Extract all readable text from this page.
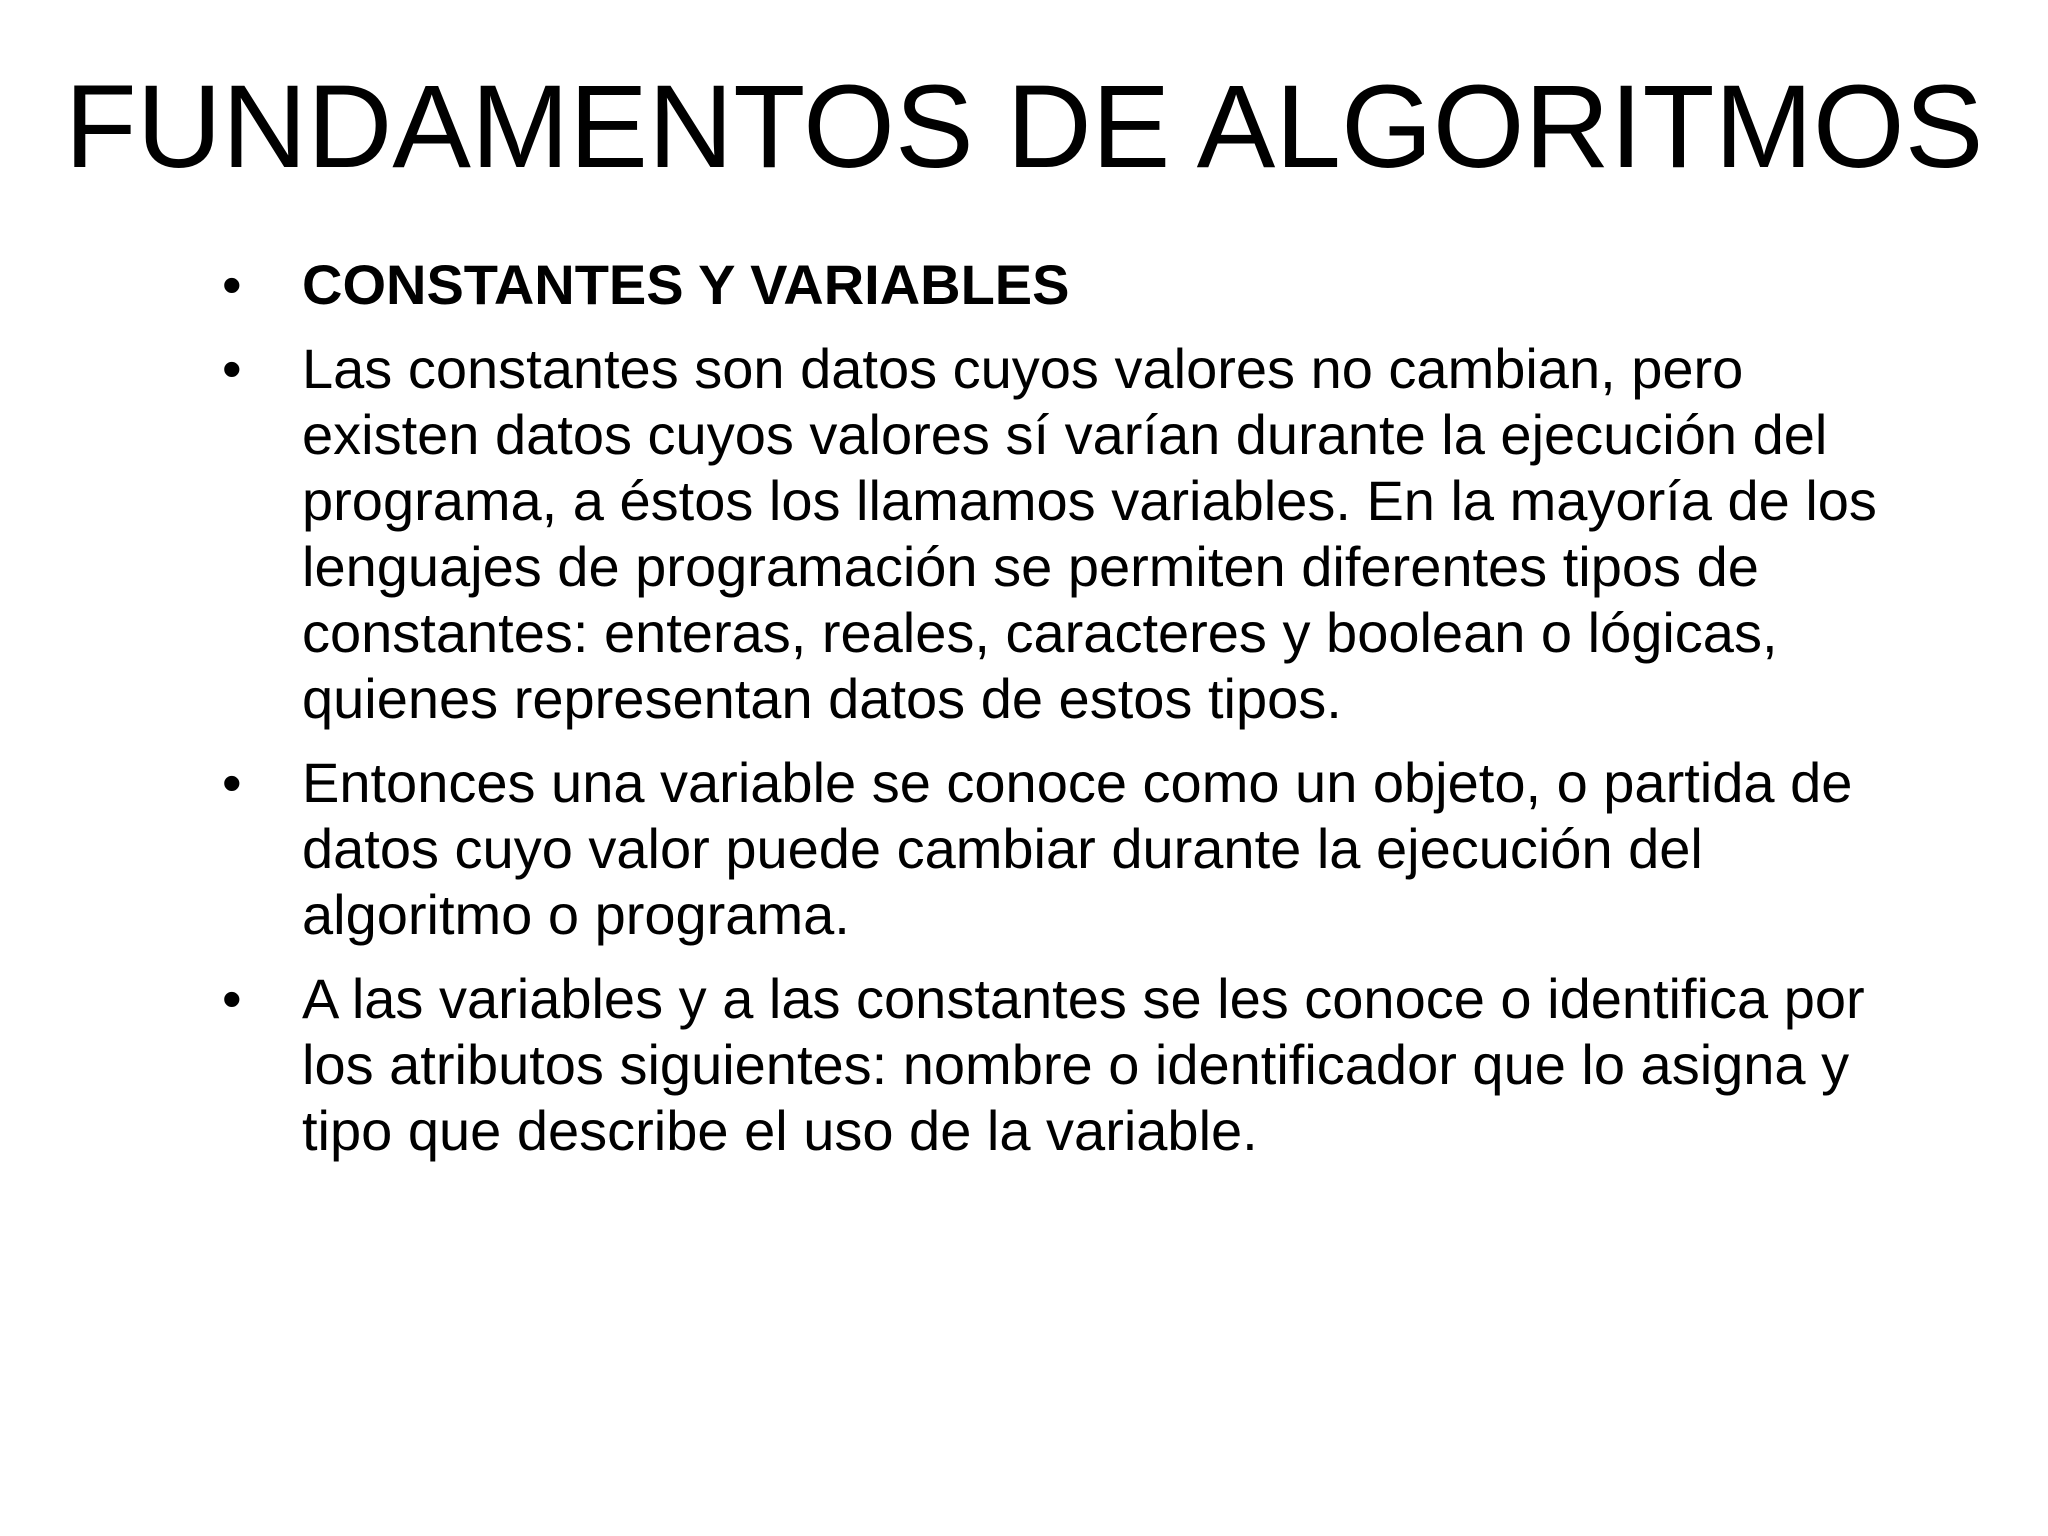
FUNDAMENTOS DE ALGORITMOS
• CONSTANTES Y VARIABLES
• Las constantes son datos cuyos valores no cambian, pero existen datos cuyos valores sí varían durante la ejecución del programa, a éstos los llamamos variables. En la mayoría de los lenguajes de programación se permiten diferentes tipos de constantes: enteras, reales, caracteres y boolean o lógicas, quienes representan datos de estos tipos.
• Entonces una variable se conoce como un objeto, o partida de datos cuyo valor puede cambiar durante la ejecución del algoritmo o programa.
• A las variables y a las constantes se les conoce o identifica por los atributos siguientes: nombre o identificador que lo asigna y tipo que describe el uso de la variable.
